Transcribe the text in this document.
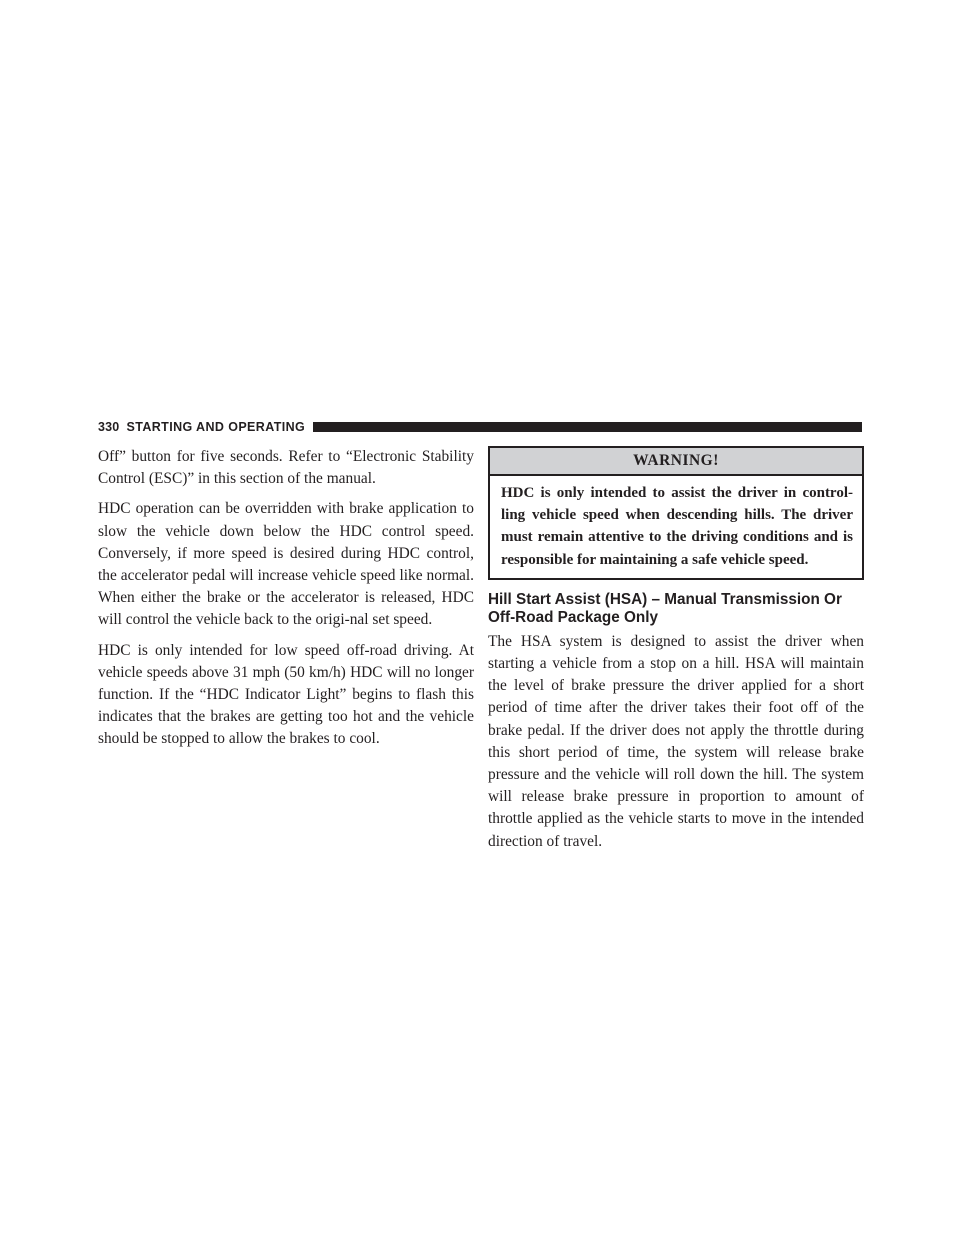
330 STARTING AND OPERATING

Off” button for five seconds. Refer to “Electronic Stability Control (ESC)” in this section of the manual.

HDC operation can be overridden with brake application to slow the vehicle down below the HDC control speed. Conversely, if more speed is desired during HDC control, the accelerator pedal will increase vehicle speed like normal. When either the brake or the accelerator is released, HDC will control the vehicle back to the origi-nal set speed.

HDC is only intended for low speed off-road driving. At vehicle speeds above 31 mph (50 km/h) HDC will no longer function. If the “HDC Indicator Light” begins to flash this indicates that the brakes are getting too hot and the vehicle should be stopped to allow the brakes to cool.

WARNING!
HDC is only intended to assist the driver in control-ling vehicle speed when descending hills. The driver must remain attentive to the driving conditions and is responsible for maintaining a safe vehicle speed.
Hill Start Assist (HSA) – Manual Transmission Or Off-Road Package Only

The HSA system is designed to assist the driver when starting a vehicle from a stop on a hill. HSA will maintain the level of brake pressure the driver applied for a short period of time after the driver takes their foot off of the brake pedal. If the driver does not apply the throttle during this short period of time, the system will release brake pressure and the vehicle will roll down the hill. The system will release brake pressure in proportion to amount of throttle applied as the vehicle starts to move in the intended direction of travel.
